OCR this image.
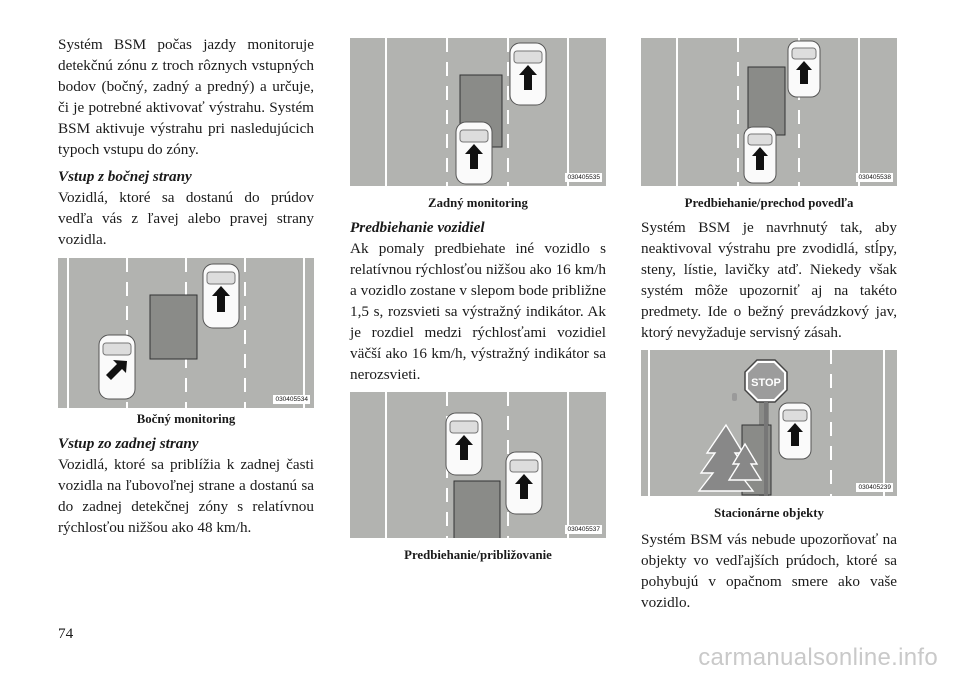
Systém BSM počas jazdy monitoruje detekčnú zónu z troch rôznych vstupných bodov (bočný, zadný a predný) a určuje, či je potrebné aktivovať výstrahu. Systém BSM aktivuje výstrahu pri nasledujúcich typoch vstupu do zóny.

Vstup z bočnej strany

Vozidlá, ktoré sa dostanú do prúdov vedľa vás z ľavej alebo pravej strany vozidla.

030405534

Bočný monitoring

Vstup zo zadnej strany

Vozidlá, ktoré sa priblížia k zadnej časti vozidla na ľubovoľnej strane a dostanú sa do zadnej detekčnej zóny s relatívnou rýchlosťou nižšou ako 48 km/h.

030405535

Zadný monitoring

Predbiehanie vozidiel

Ak pomaly predbiehate iné vozidlo s relatívnou rýchlosťou nižšou ako 16 km/h a vozidlo zostane v slepom bode približne 1,5 s, rozsvieti sa výstražný indikátor. Ak je rozdiel medzi rýchlosťami vozidiel väčší ako 16 km/h, výstražný indikátor sa nerozsvieti.

030405537

Predbiehanie/približovanie

030405538

Predbiehanie/prechod povedľa

Systém BSM je navrhnutý tak, aby neaktivoval výstrahu pre zvodidlá, stĺpy, steny, lístie, lavičky atď. Niekedy však systém môže upozorniť aj na takéto predmety. Ide o bežný prevádzkový jav, ktorý nevyžaduje servisný zásah.

STOP
030405239

Stacionárne objekty

Systém BSM vás nebude upozorňovať na objekty vo vedľajších prúdoch, ktoré sa pohybujú v opačnom smere ako vaše vozidlo.

74
carmanualsonline.info
